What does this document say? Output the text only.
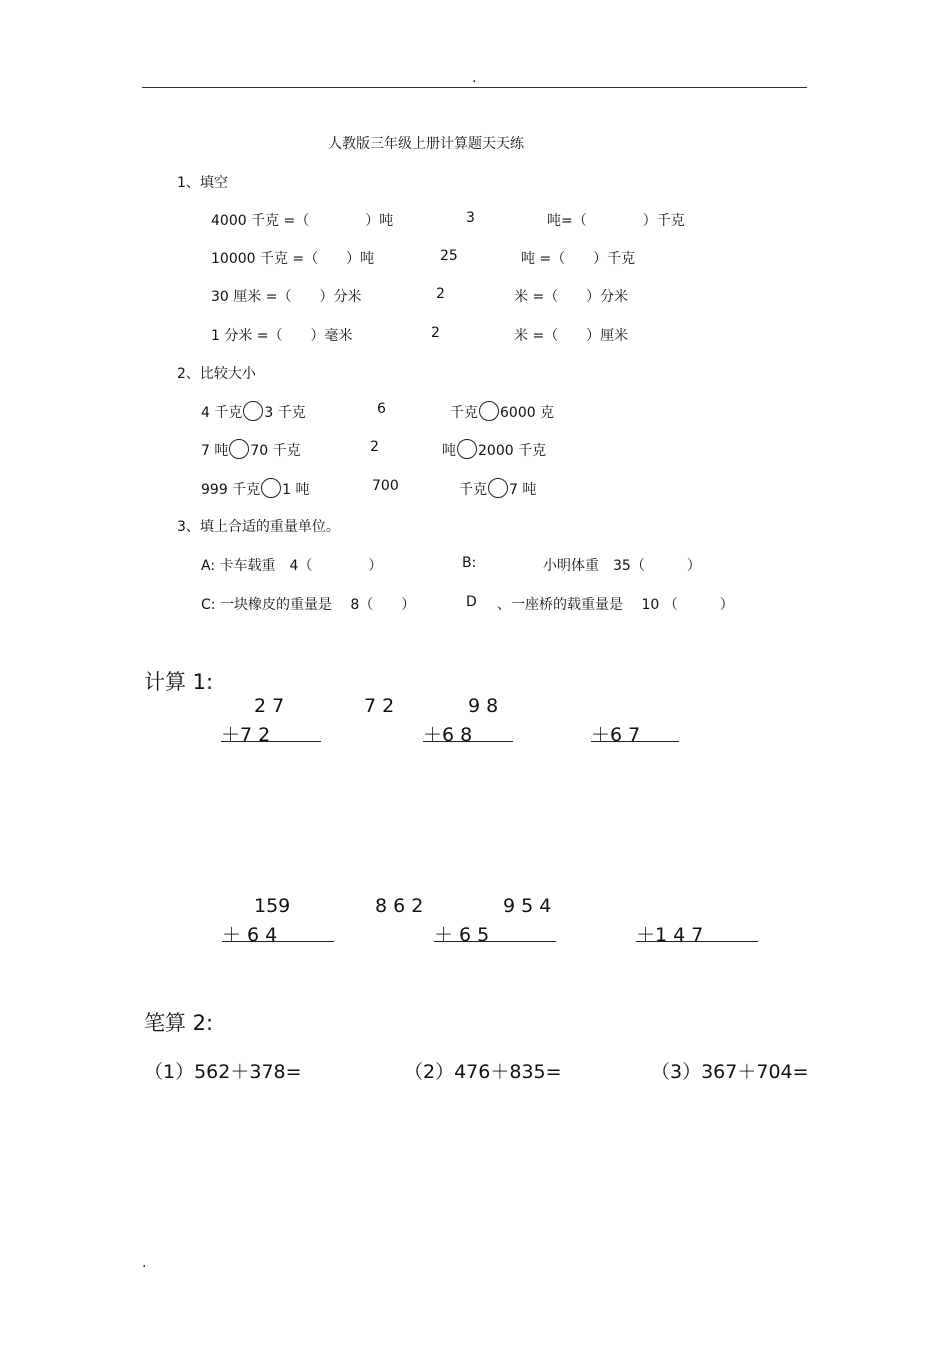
.
人教版三年级上册计算题天天练
1、填空
4000 千克 =（　　　　）吨	3	吨=（　　　　）千克
10000 千克 =（　　）吨	25	吨 =（　　）千克
30 厘米 =（　　）分米	2	米 =（　　）分米
1 分米 =（　　）毫米	2	米 =（　　）厘米
2、比较大小
4 千克 3 千克	6	千克 6000 克
7 吨 70 千克	2	吨 2000 千克
999 千克 1 吨	700	千克 7 吨
3、填上合适的重量单位。
A: 卡车载重　4（　　　　）	B:	小明体重　35（　　　）
C: 一块橡皮的重量是　 8（　　）	D 、一座桥的载重量是　 10 （　　　）
计算 1:
2 7	7 2	9 8
＋7 2	＋6 8	＋6 7
159	8 6 2	9 5 4
＋ 6 4	＋ 6 5	＋1 4 7
笔算 2:
（1）562＋378=	（2）476＋835=	（3）367＋704=
.
